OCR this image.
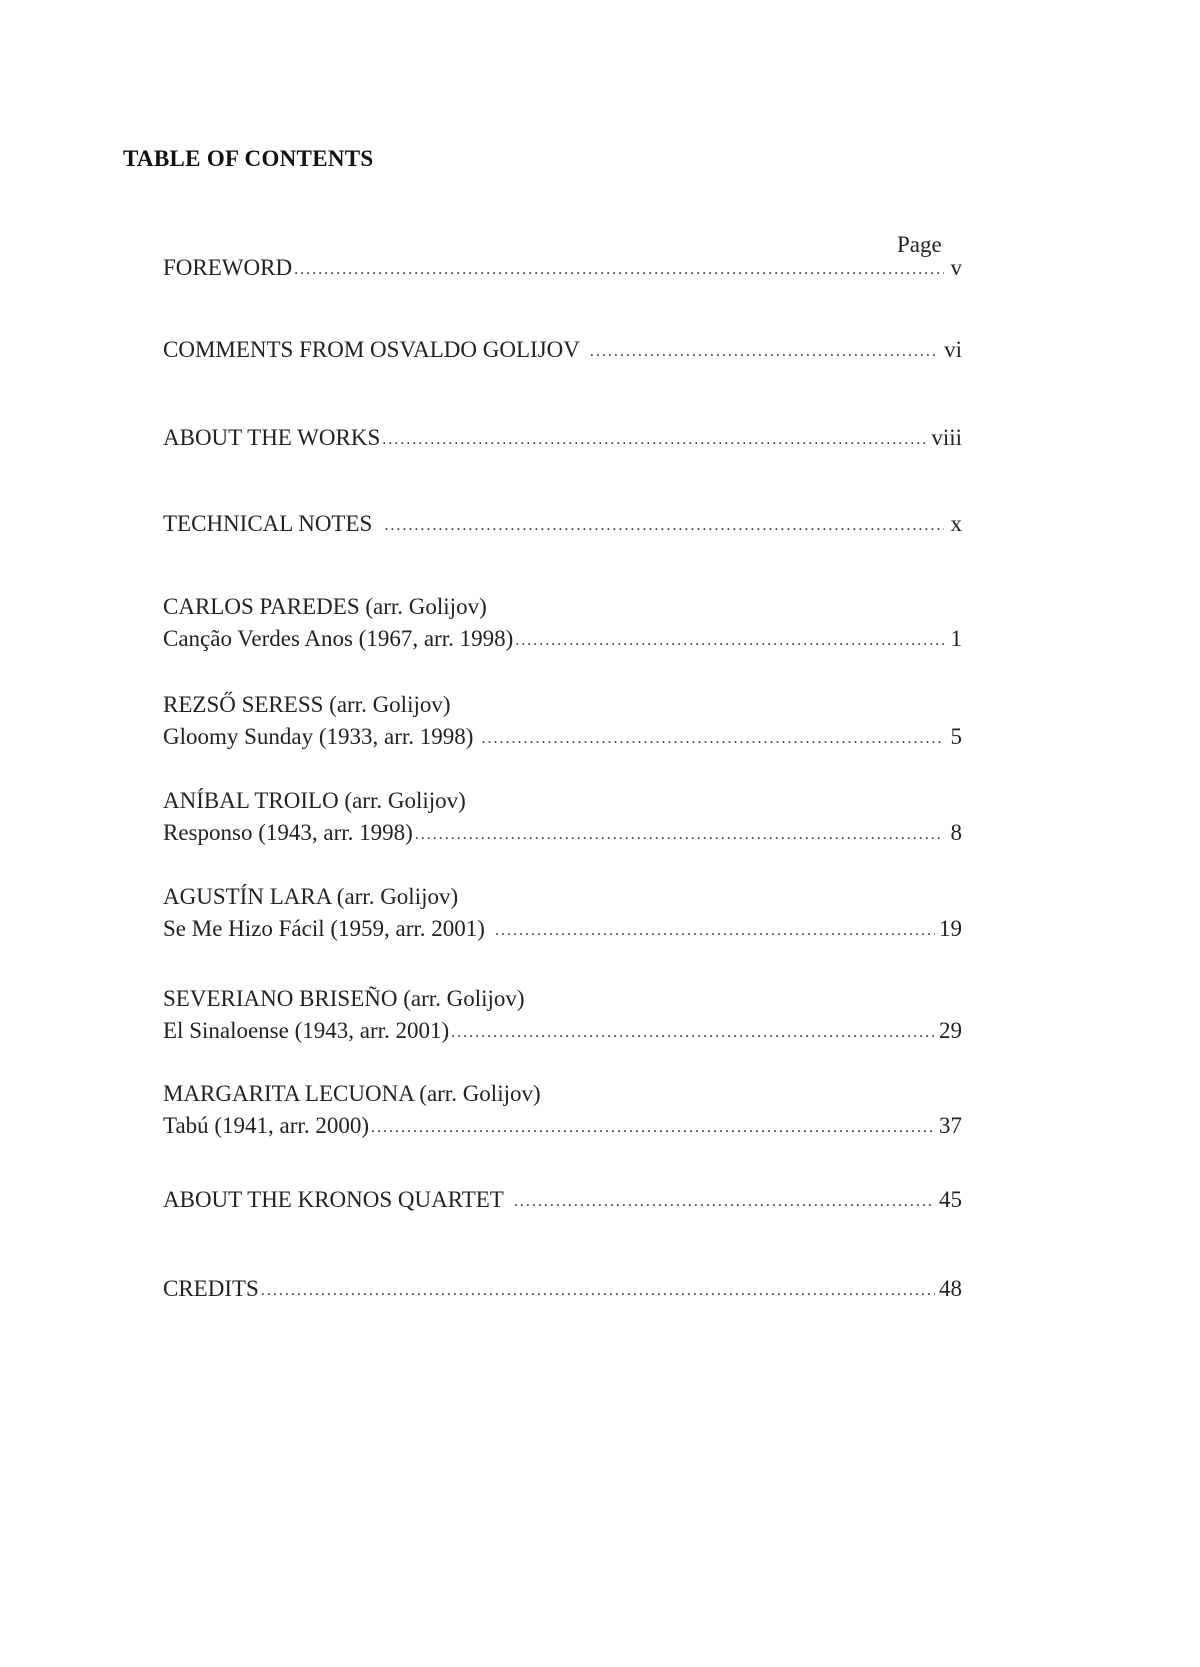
TABLE OF CONTENTS
Page
FOREWORD .....	v
COMMENTS FROM OSVALDO GOLIJOV .....	vi
ABOUT THE WORKS .....	viii
TECHNICAL NOTES .....	x
CARLOS PAREDES (arr. Golijov)
Canção Verdes Anos (1967, arr. 1998) .....	1
REZSŐ SERESS (arr. Golijov)
Gloomy Sunday (1933, arr. 1998) .....	5
ANÍBAL TROILO (arr. Golijov)
Responso (1943, arr. 1998) .....	8
AGUSTÍN LARA (arr. Golijov)
Se Me Hizo Fácil (1959, arr. 2001) .....	19
SEVERIANO BRISEÑO (arr. Golijov)
El Sinaloense (1943, arr. 2001) .....	29
MARGARITA LECUONA (arr. Golijov)
Tabú (1941, arr. 2000) .....	37
ABOUT THE KRONOS QUARTET .....	45
CREDITS .....	48
